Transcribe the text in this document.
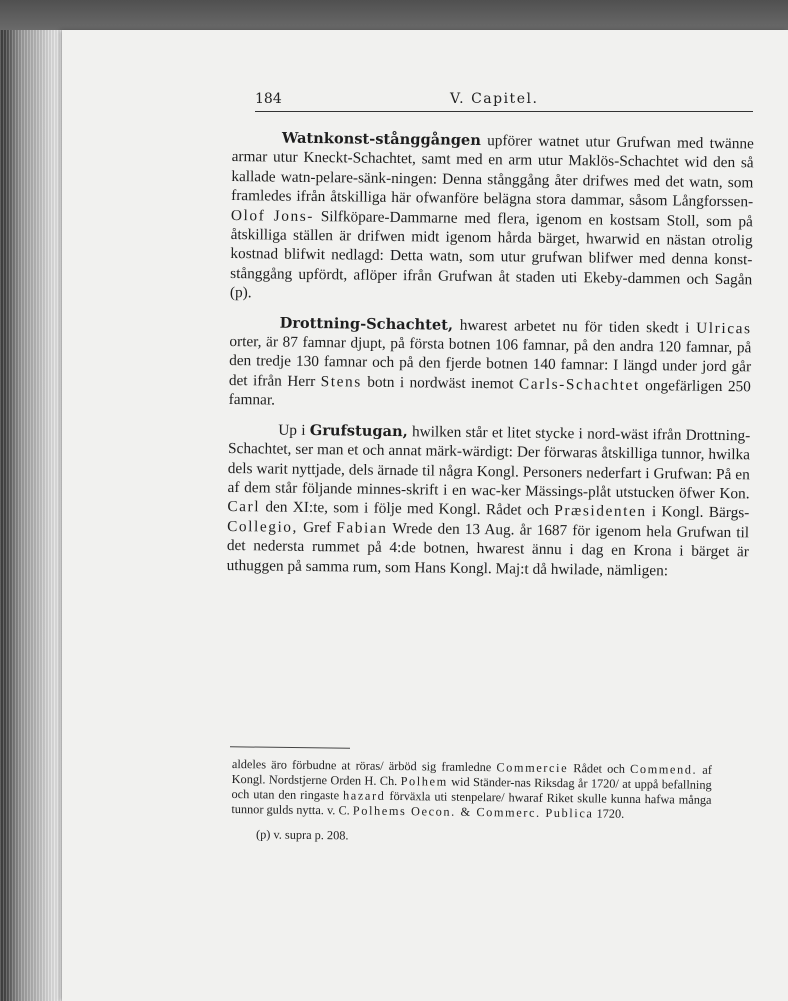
184	V. Capitel.

Watnkonst-stånggången upförer watnet utur Grufwan med twänne armar utur Kneckt-Schachtet, samt med en arm utur Maklös-Schachtet wid den så kallade watn-pelare-sänk-ningen: Denna stånggång åter drifwes med det watn, som framledes ifrån åtskilliga här ofwanföre belägna stora dammar, såsom Långforssen-Olof Jons- Silfköpare-Dammarne med flera, igenom en kostsam Stoll, som på åtskilliga ställen är drifwen midt igenom hårda bärget, hwarwid en nästan otrolig kostnad blifwit nedlagd: Detta watn, som utur grufwan blifwer med denna konst-stånggång upfördt, aflöper ifrån Grufwan åt staden uti Ekeby-dammen och Sagån (p).

Drottning-Schachtet, hwarest arbetet nu för tiden skedt i Ulricas orter, är 87 famnar djupt, på första botnen 106 famnar, på den andra 120 famnar, på den tredje 130 famnar och på den fjerde botnen 140 famnar: I längd under jord går det ifrån Herr Stens botn i nordwäst inemot Carls-Schachtet ongefärligen 250 famnar.

Up i Grufstugan, hwilken står et litet stycke i nord-wäst ifrån Drottning-Schachtet, ser man et och annat märk-wärdigt: Der förwaras åtskilliga tunnor, hwilka dels warit nyttjade, dels ärnade til några Kongl. Personers nederfart i Grufwan: På en af dem står följande minnes-skrift i en wac-ker Mässings-plåt utstucken öfwer Kon. Carl den XI:te, som i följe med Kongl. Rådet och Præsidenten i Kongl. Bärgs-Collegio, Gref Fabian Wrede den 13 Aug. år 1687 för igenom hela Grufwan til det nedersta rummet på 4:de botnen, hwarest ännu i dag en Krona i bärget är uthuggen på samma rum, som Hans Kongl. Maj:t då hwilade, nämligen:

aldeles äro förbudne at röras/ ärböd sig framledne Commercie Rådet och Commend. af Kongl. Nordstjerne Orden H. Ch. Polhem wid Ständer-nas Riksdag år 1720/ at uppå befallning och utan den ringaste hazard förväxla uti stenpelare/ hwaraf Riket skulle kunna hafwa många tunnor gulds nytta. v. C. Polhems Oecon. & Commerc. Publica 1720.

(p) v. supra p. 208.
